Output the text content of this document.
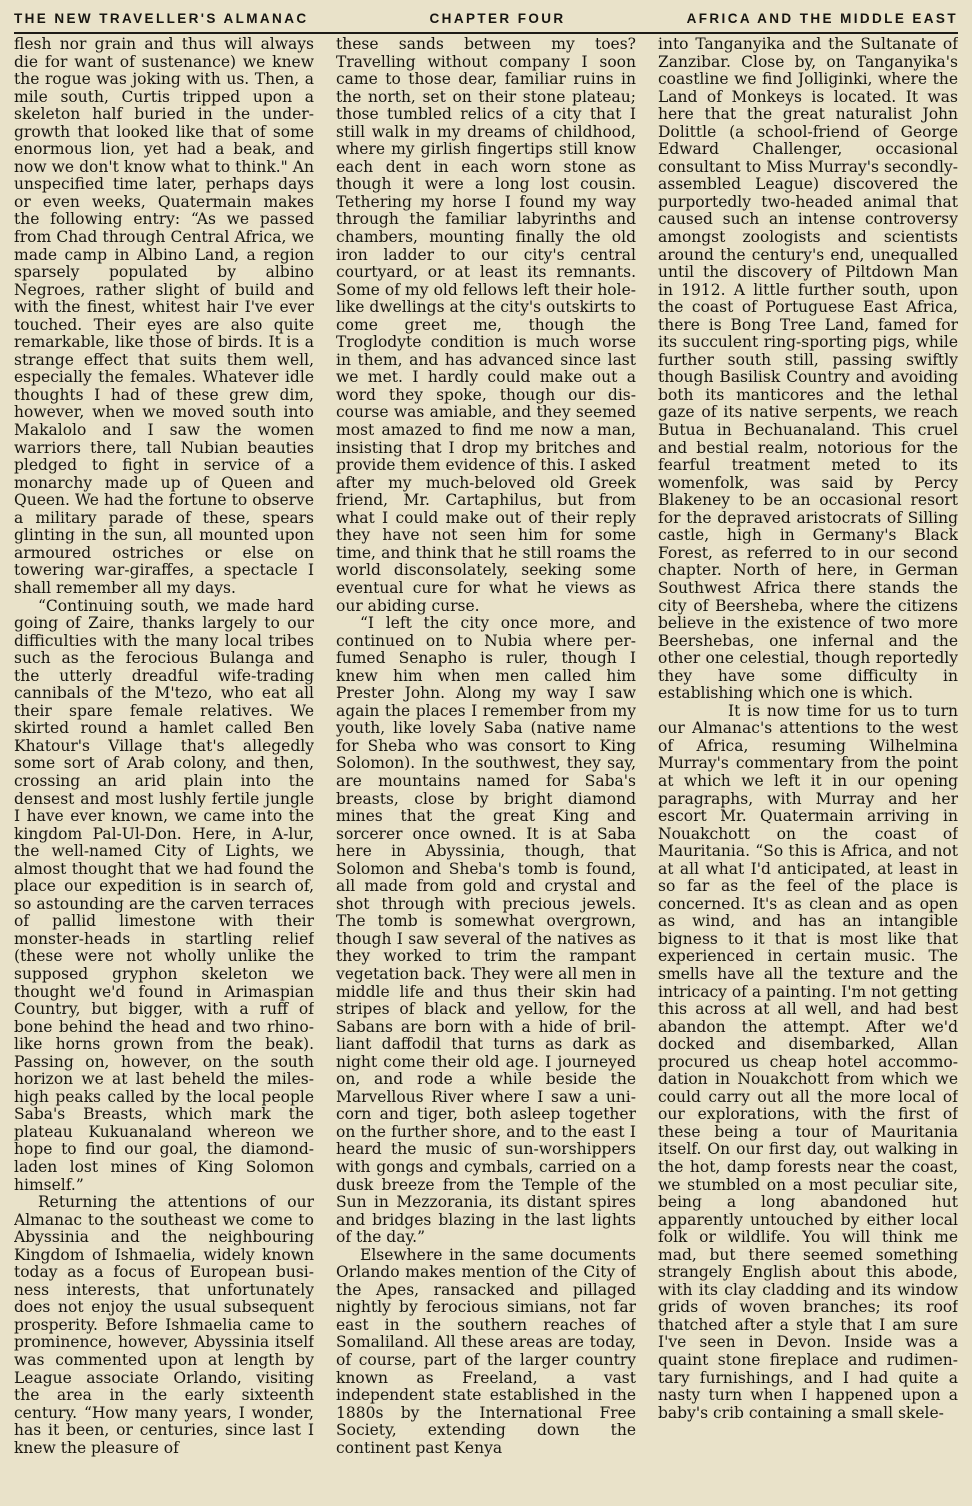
THE NEW TRAVELLER'S ALMANAC	CHAPTER FOUR	AFRICA AND THE MIDDLE EAST

flesh nor grain and thus will always die for want of sustenance) we knew the rogue was joking with us. Then, a mile south, Curtis tripped upon a skeleton half buried in the undergrowth that looked like that of some enormous lion, yet had a beak, and now we don't know what to think." An unspecified time later, perhaps days or even weeks, Quatermain makes the following entry: “As we passed from Chad through Central Africa, we made camp in Albino Land, a region sparsely populated by albino Negroes, rather slight of build and with the finest, whitest hair I've ever touched. Their eyes are also quite remarkable, like those of birds. It is a strange effect that suits them well, especially the females. Whatever idle thoughts I had of these grew dim, however, when we moved south into Makalolo and I saw the women warriors there, tall Nubian beauties pledged to fight in service of a monarchy made up of Queen and Queen. We had the fortune to observe a military parade of these, spears glinting in the sun, all mounted upon armoured ostriches or else on towering war-giraffes, a spectacle I shall remember all my days.

“Continuing south, we made hard going of Zaire, thanks largely to our difficulties with the many local tribes such as the ferocious Bulanga and the utterly dreadful wife-trading cannibals of the M'tezo, who eat all their spare female relatives. We skirted round a hamlet called Ben Khatour's Village that's allegedly some sort of Arab colony, and then, crossing an arid plain into the densest and most lushly fertile jungle I have ever known, we came into the kingdom Pal-Ul-Don. Here, in A-lur, the well-named City of Lights, we almost thought that we had found the place our expedition is in search of, so astounding are the carven terraces of pallid limestone with their monster-heads in startling relief (these were not wholly unlike the supposed gryphon skeleton we thought we'd found in Arimaspian Country, but bigger, with a ruff of bone behind the head and two rhino-like horns grown from the beak). Passing on, however, on the south horizon we at last beheld the miles-high peaks called by the local people Saba's Breasts, which mark the plateau Kukuanaland whereon we hope to find our goal, the diamond-laden lost mines of King Solomon himself.”

Returning the attentions of our Almanac to the southeast we come to Abyssinia and the neighbouring Kingdom of Ishmaelia, widely known today as a focus of European business interests, that unfortunately does not enjoy the usual subsequent prosperity. Before Ishmaelia came to prominence, however, Abyssinia itself was commented upon at length by League associate Orlando, visiting the area in the early sixteenth century. “How many years, I wonder, has it been, or centuries, since last I knew the pleasure of

these sands between my toes? Travelling without company I soon came to those dear, familiar ruins in the north, set on their stone plateau; those tumbled relics of a city that I still walk in my dreams of childhood, where my girlish fingertips still know each dent in each worn stone as though it were a long lost cousin. Tethering my horse I found my way through the familiar labyrinths and chambers, mounting finally the old iron ladder to our city's central courtyard, or at least its remnants. Some of my old fellows left their hole-like dwellings at the city's outskirts to come greet me, though the Troglodyte condition is much worse in them, and has advanced since last we met. I hardly could make out a word they spoke, though our discourse was amiable, and they seemed most amazed to find me now a man, insisting that I drop my britches and provide them evidence of this. I asked after my much-beloved old Greek friend, Mr. Cartaphilus, but from what I could make out of their reply they have not seen him for some time, and think that he still roams the world disconsolately, seeking some eventual cure for what he views as our abiding curse.

“I left the city once more, and continued on to Nubia where perfumed Senapho is ruler, though I knew him when men called him Prester John. Along my way I saw again the places I remember from my youth, like lovely Saba (native name for Sheba who was consort to King Solomon). In the southwest, they say, are mountains named for Saba's breasts, close by bright diamond mines that the great King and sorcerer once owned. It is at Saba here in Abyssinia, though, that Solomon and Sheba's tomb is found, all made from gold and crystal and shot through with precious jewels. The tomb is somewhat overgrown, though I saw several of the natives as they worked to trim the rampant vegetation back. They were all men in middle life and thus their skin had stripes of black and yellow, for the Sabans are born with a hide of brilliant daffodil that turns as dark as night come their old age. I journeyed on, and rode a while beside the Marvellous River where I saw a unicorn and tiger, both asleep together on the further shore, and to the east I heard the music of sun-worshippers with gongs and cymbals, carried on a dusk breeze from the Temple of the Sun in Mezzorania, its distant spires and bridges blazing in the last lights of the day.”

Elsewhere in the same documents Orlando makes mention of the City of the Apes, ransacked and pillaged nightly by ferocious simians, not far east in the southern reaches of Somaliland. All these areas are today, of course, part of the larger country known as Freeland, a vast independent state established in the 1880s by the International Free Society, extending down the continent past Kenya

into Tanganyika and the Sultanate of Zanzibar. Close by, on Tanganyika's coastline we find Jolliginki, where the Land of Monkeys is located. It was here that the great naturalist John Dolittle (a school-friend of George Edward Challenger, occasional consultant to Miss Murray's secondly-assembled League) discovered the purportedly two-headed animal that caused such an intense controversy amongst zoologists and scientists around the century's end, unequalled until the discovery of Piltdown Man in 1912. A little further south, upon the coast of Portuguese East Africa, there is Bong Tree Land, famed for its succulent ring-sporting pigs, while further south still, passing swiftly though Basilisk Country and avoiding both its manticores and the lethal gaze of its native serpents, we reach Butua in Bechuanaland. This cruel and bestial realm, notorious for the fearful treatment meted to its womenfolk, was said by Percy Blakeney to be an occasional resort for the depraved aristocrats of Silling castle, high in Germany's Black Forest, as referred to in our second chapter. North of here, in German Southwest Africa there stands the city of Beersheba, where the citizens believe in the existence of two more Beershebas, one infernal and the other one celestial, though reportedly they have some difficulty in establishing which one is which.

It is now time for us to turn our Almanac's attentions to the west of Africa, resuming Wilhelmina Murray's commentary from the point at which we left it in our opening paragraphs, with Murray and her escort Mr. Quatermain arriving in Nouakchott on the coast of Mauritania. “So this is Africa, and not at all what I'd anticipated, at least in so far as the feel of the place is concerned. It's as clean and as open as wind, and has an intangible bigness to it that is most like that experienced in certain music. The smells have all the texture and the intricacy of a painting. I'm not getting this across at all well, and had best abandon the attempt. After we'd docked and disembarked, Allan procured us cheap hotel accommodation in Nouakchott from which we could carry out all the more local of our explorations, with the first of these being a tour of Mauritania itself. On our first day, out walking in the hot, damp forests near the coast, we stumbled on a most peculiar site, being a long abandoned hut apparently untouched by either local folk or wildlife. You will think me mad, but there seemed something strangely English about this abode, with its clay cladding and its window grids of woven branches; its roof thatched after a style that I am sure I've seen in Devon. Inside was a quaint stone fireplace and rudimentary furnishings, and I had quite a nasty turn when I happened upon a baby's crib containing a small skele-
